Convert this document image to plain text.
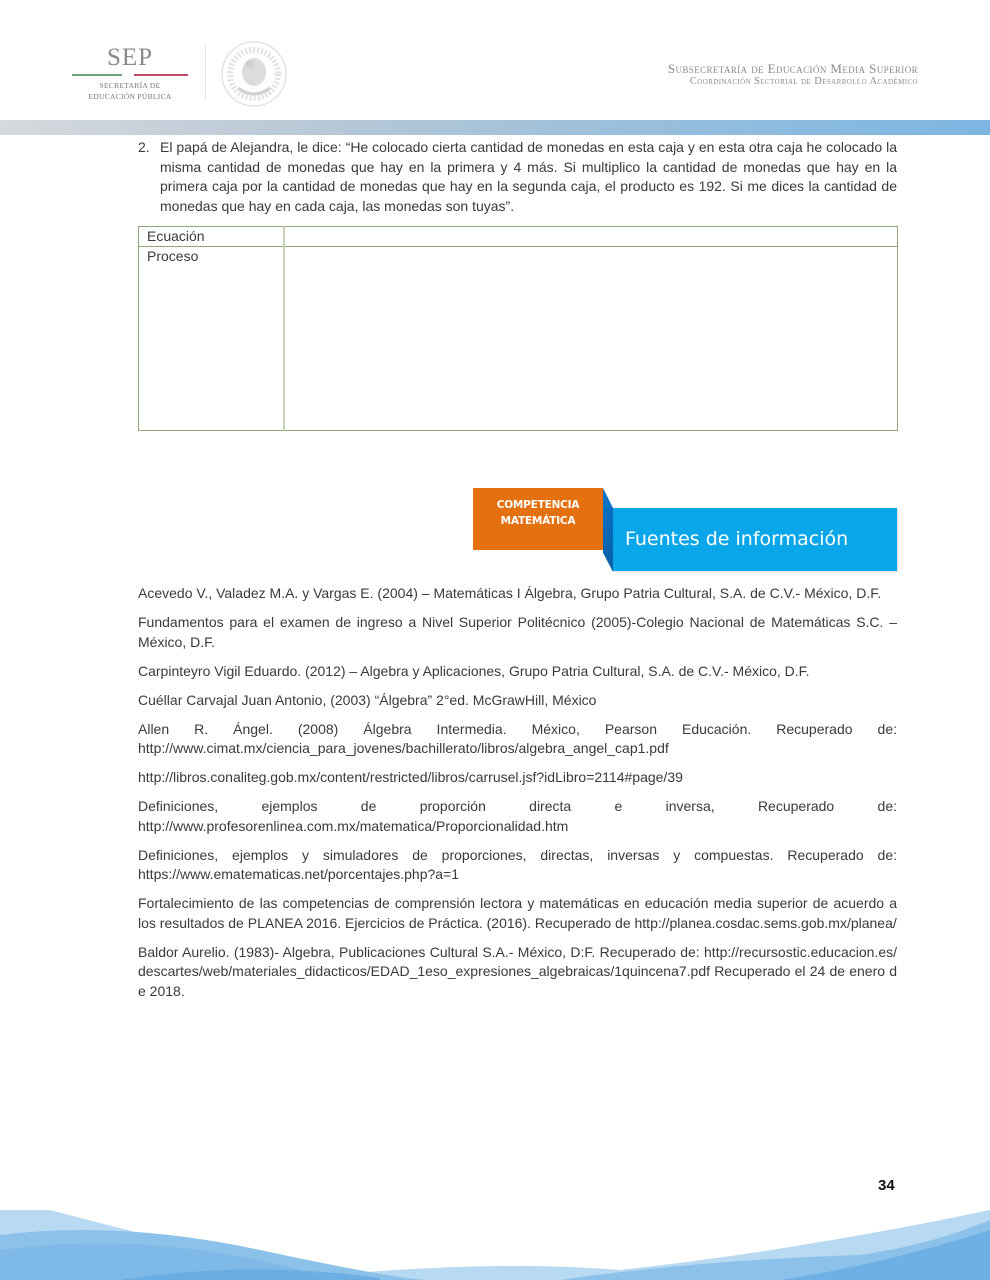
SEP
SECRETARÍA DE
EDUCACIÓN PÚBLICA
Subsecretaría de Educación Media Superior
Coordinación Sectorial de Desarrollo Académico
2. El papá de Alejandra, le dice: “He colocado cierta cantidad de monedas en esta caja y en esta otra caja he colocado la misma cantidad de monedas que hay en la primera y 4 más. Si multiplico la cantidad de monedas que hay en la primera caja por la cantidad de monedas que hay en la segunda caja, el producto es 192. Si me dices la cantidad de monedas que hay en cada caja, las monedas son tuyas”.
Ecuación	
Proceso	
COMPETENCIA
MATEMÁTICA
Fuentes de información

Acevedo V., Valadez M.A. y Vargas E. (2004) – Matemáticas I Álgebra, Grupo Patria Cultural, S.A. de C.V.- México, D.F.

Fundamentos para el examen de ingreso a Nivel Superior Politécnico (2005)-Colegio Nacional de Matemáticas S.C. – México, D.F.

Carpinteyro Vigil Eduardo. (2012) – Algebra y Aplicaciones, Grupo Patria Cultural, S.A. de C.V.- México, D.F.

Cuéllar Carvajal Juan Antonio, (2003) “Álgebra” 2°ed. McGrawHill, México

Allen R. Ángel. (2008) Álgebra Intermedia. México, Pearson Educación. Recuperado de: http://www.cimat.mx/ciencia_para_jovenes/bachillerato/libros/algebra_angel_cap1.pdf

http://libros.conaliteg.gob.mx/content/restricted/libros/carrusel.jsf?idLibro=2114#page/39

Definiciones, ejemplos de proporción directa e inversa, Recuperado de: http://www.profesorenlinea.com.mx/matematica/Proporcionalidad.htm

Definiciones, ejemplos y simuladores de proporciones, directas, inversas y compuestas. Recuperado de: https://www.ematematicas.net/porcentajes.php?a=1

Fortalecimiento de las competencias de comprensión lectora y matemáticas en educación media superior de acuerdo a los resultados de PLANEA 2016. Ejercicios de Práctica. (2016). Recuperado de http://planea.cosdac.sems.gob.mx/planea/

Baldor Aurelio. (1983)- Algebra, Publicaciones Cultural S.A.- México, D:F. Recuperado de: http://recursostic.educacion.es/descartes/web/materiales_didacticos/EDAD_1eso_expresiones_algebraicas/1quincena7.pdf Recuperado el 24 de enero de 2018.

34
